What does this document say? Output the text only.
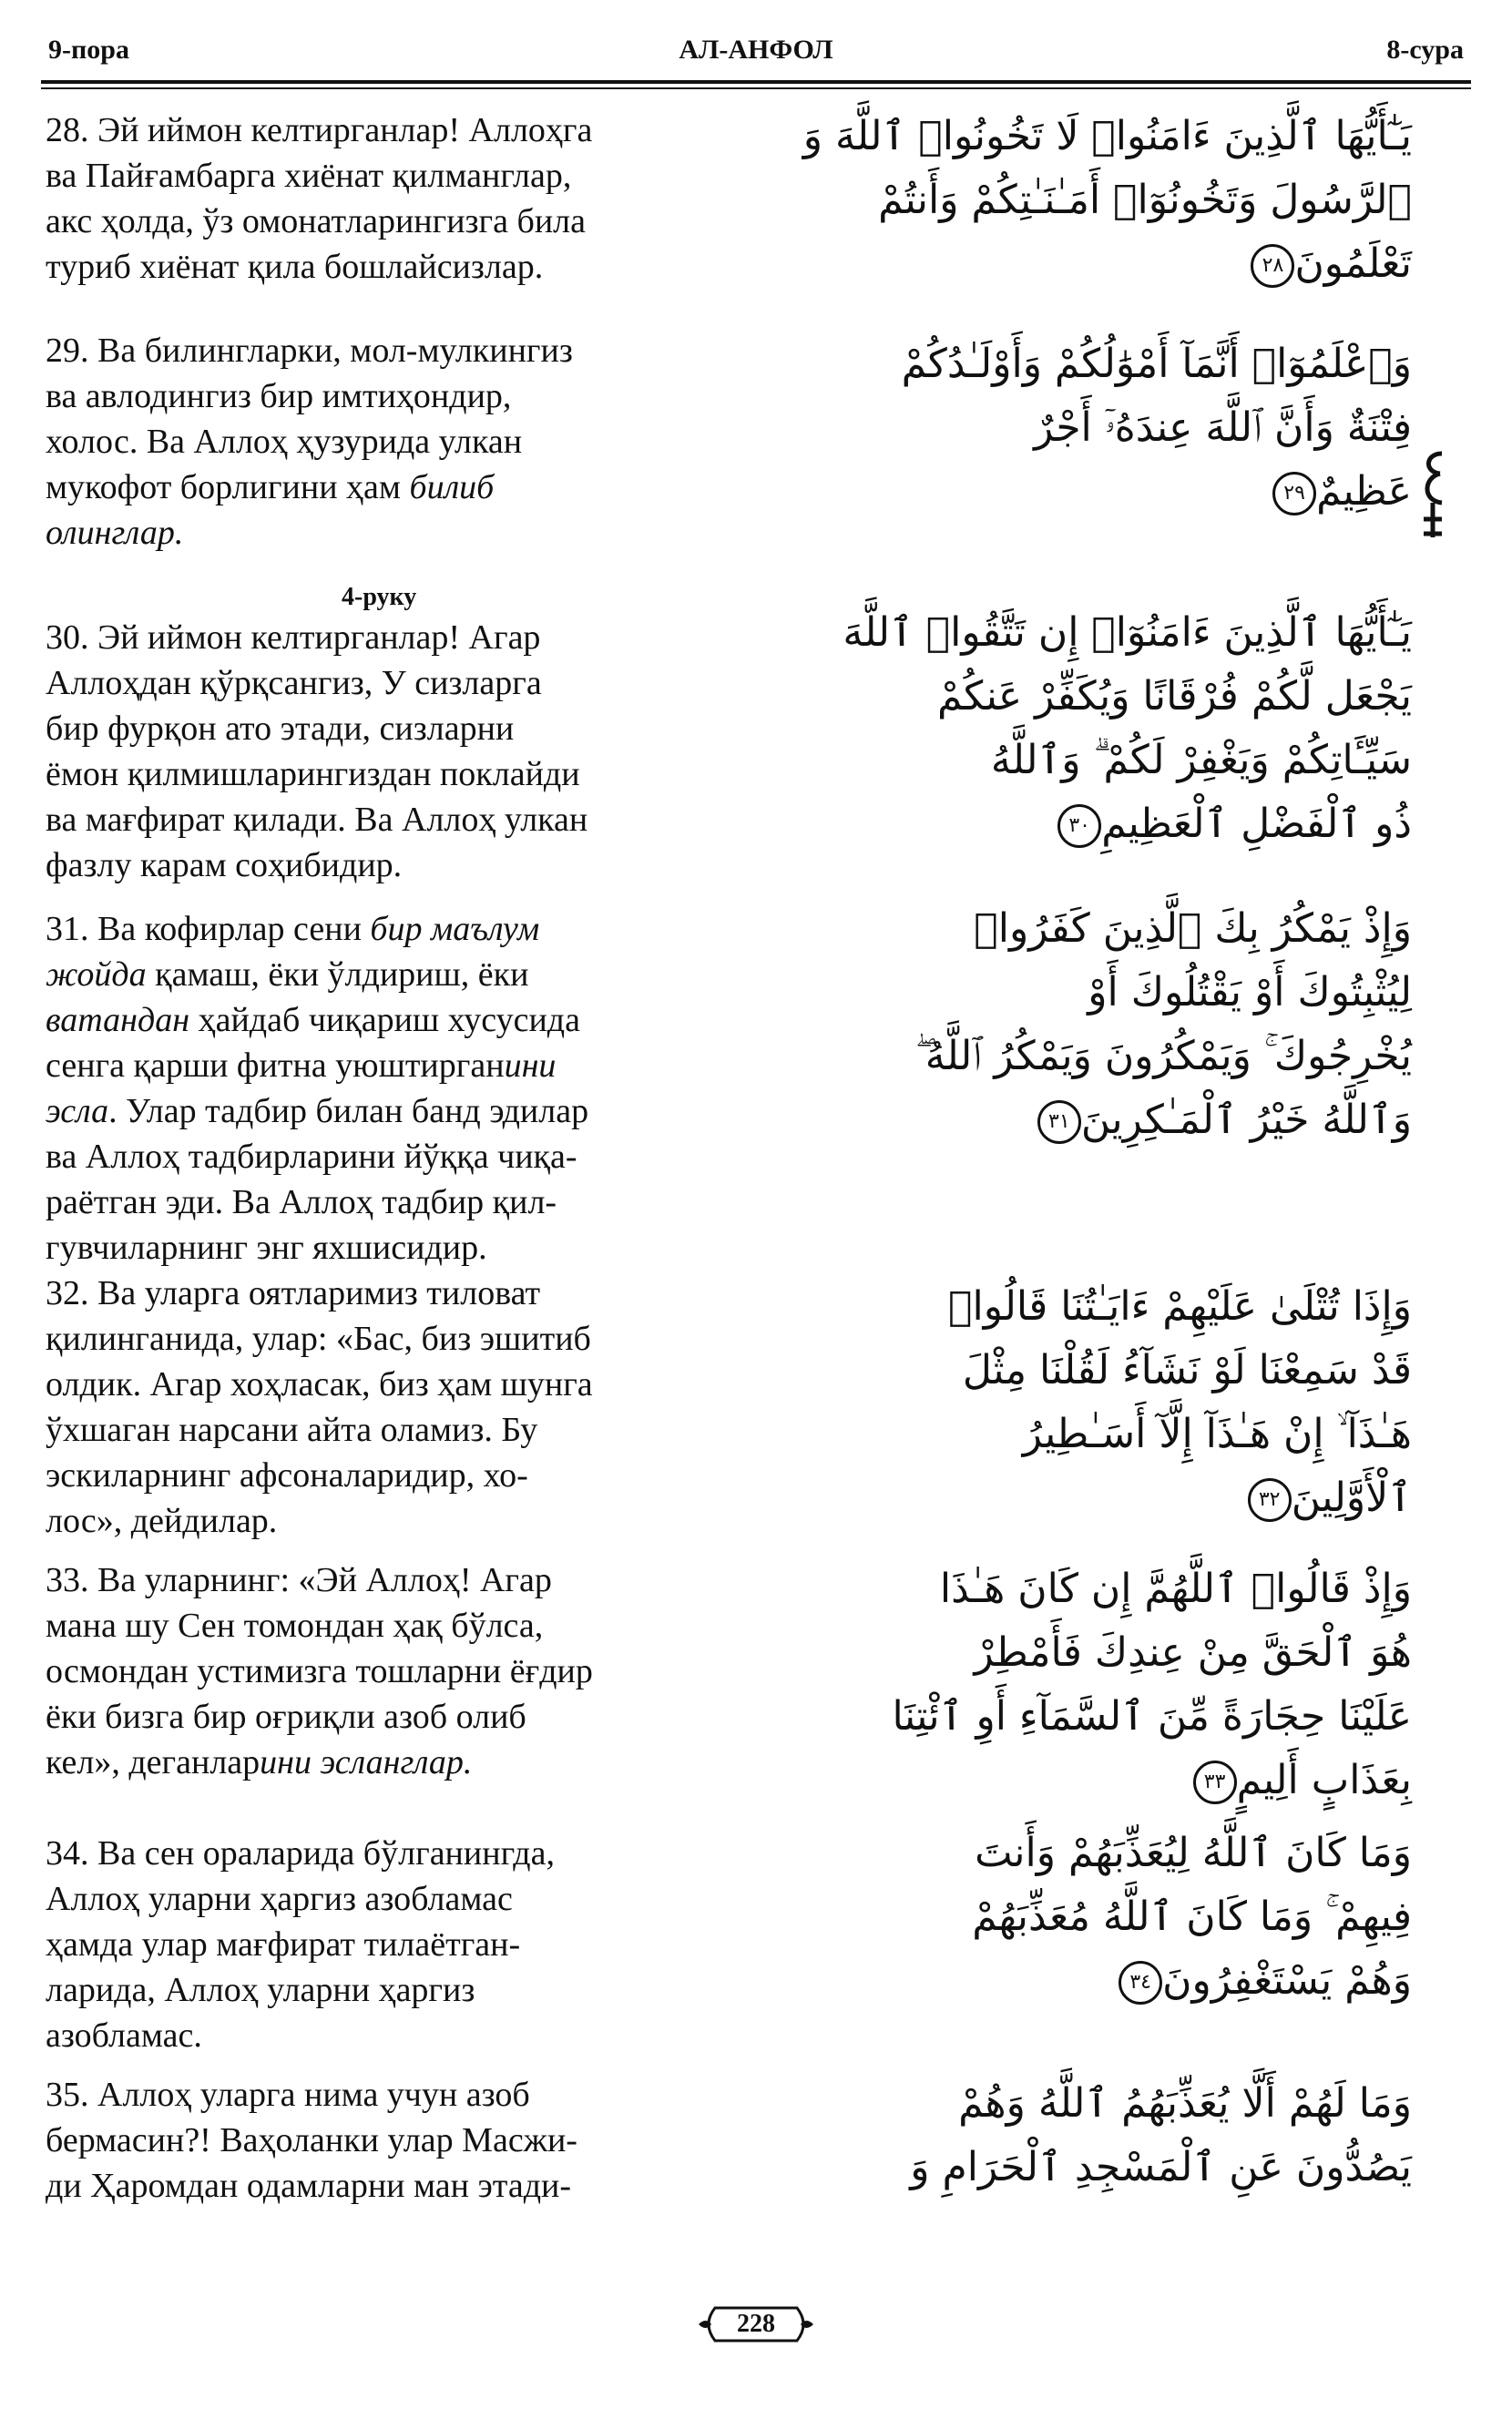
9-пора	АЛ-АНФОЛ	8-сура
28. Эй иймон келтирганлар! Аллоҳга
ва Пайғамбарга хиёнат қилманглар,
акс ҳолда, ўз омонатларингизга била
туриб хиёнат қила бошлайсизлар.
يَـٰٓأَيُّهَا ٱلَّذِينَ ءَامَنُوا۟ لَا تَخُونُوا۟ ٱللَّهَ وَ
ٱلرَّسُولَ وَتَخُونُوٓا۟ أَمَـٰنَـٰتِكُمْ وَأَنتُمْ
تَعْلَمُونَ٢٨
29. Ва билингларки, мол-мулкингиз
ва авлодингиз бир имтиҳондир,
холос. Ва Аллоҳ ҳузурида улкан
мукофот борлигини ҳам билиб
олинглар.
وَٱعْلَمُوٓا۟ أَنَّمَآ أَمْوَٰلُكُمْ وَأَوْلَـٰدُكُمْ
فِتْنَةٌ وَأَنَّ ٱللَّهَ عِندَهُۥٓ أَجْرٌ
عَظِيمٌ٢٩
4-руку
30. Эй иймон келтирганлар! Агар
Аллоҳдан қўрқсангиз, У сизларга
бир фурқон ато этади, сизларни
ёмон қилмишларингиздан поклайди
ва мағфират қилади. Ва Аллоҳ улкан
фазлу карам соҳибидир.
يَـٰٓأَيُّهَا ٱلَّذِينَ ءَامَنُوٓا۟ إِن تَتَّقُوا۟ ٱللَّهَ
يَجْعَل لَّكُمْ فُرْقَانًا وَيُكَفِّرْ عَنكُمْ
سَيِّـَٔاتِكُمْ وَيَغْفِرْ لَكُمْ ۗ وَٱللَّهُ
ذُو ٱلْفَضْلِ ٱلْعَظِيمِ٣٠
31. Ва кофирлар сени бир маълум
жойда қамаш, ёки ўлдириш, ёки
ватандан ҳайдаб чиқариш хусусида
сенга қарши фитна уюштирганини
эсла. Улар тадбир билан банд эдилар
ва Аллоҳ тадбирларини йўққа чиқа-
раётган эди. Ва Аллоҳ тадбир қил-
гувчиларнинг энг яхшисидир.
وَإِذْ يَمْكُرُ بِكَ ٱلَّذِينَ كَفَرُوا۟
لِيُثْبِتُوكَ أَوْ يَقْتُلُوكَ أَوْ
يُخْرِجُوكَ ۚ وَيَمْكُرُونَ وَيَمْكُرُ ٱللَّهُ ۖ
وَٱللَّهُ خَيْرُ ٱلْمَـٰكِرِينَ٣١
32. Ва уларга оятларимиз тиловат
қилинганида, улар: «Бас, биз эшитиб
олдик. Агар хоҳласак, биз ҳам шунга
ўхшаган нарсани айта оламиз. Бу
эскиларнинг афсоналаридир, хо-
лос», дейдилар.
وَإِذَا تُتْلَىٰ عَلَيْهِمْ ءَايَـٰتُنَا قَالُوا۟
قَدْ سَمِعْنَا لَوْ نَشَآءُ لَقُلْنَا مِثْلَ
هَـٰذَآ ۙ إِنْ هَـٰذَآ إِلَّآ أَسَـٰطِيرُ
ٱلْأَوَّلِينَ٣٢
33. Ва уларнинг: «Эй Аллоҳ! Агар
мана шу Сен томондан ҳақ бўлса,
осмондан устимизга тошларни ёғдир
ёки бизга бир оғриқли азоб олиб
кел», деганларини эсланглар.
وَإِذْ قَالُوا۟ ٱللَّهُمَّ إِن كَانَ هَـٰذَا
هُوَ ٱلْحَقَّ مِنْ عِندِكَ فَأَمْطِرْ
عَلَيْنَا حِجَارَةً مِّنَ ٱلسَّمَآءِ أَوِ ٱئْتِنَا
بِعَذَابٍ أَلِيمٍ٣٣
34. Ва сен ораларида бўлганингда,
Аллоҳ уларни ҳаргиз азобламас
ҳамда улар мағфират тилаётган-
ларида, Аллоҳ уларни ҳаргиз
азобламас.
وَمَا كَانَ ٱللَّهُ لِيُعَذِّبَهُمْ وَأَنتَ
فِيهِمْ ۚ وَمَا كَانَ ٱللَّهُ مُعَذِّبَهُمْ
وَهُمْ يَسْتَغْفِرُونَ٣٤
35. Аллоҳ уларга нима учун азоб
бермасин?! Ваҳоланки улар Масжи-
ди Ҳаромдан одамларни ман этади-
وَمَا لَهُمْ أَلَّا يُعَذِّبَهُمُ ٱللَّهُ وَهُمْ
يَصُدُّونَ عَنِ ٱلْمَسْجِدِ ٱلْحَرَامِ وَ
228
